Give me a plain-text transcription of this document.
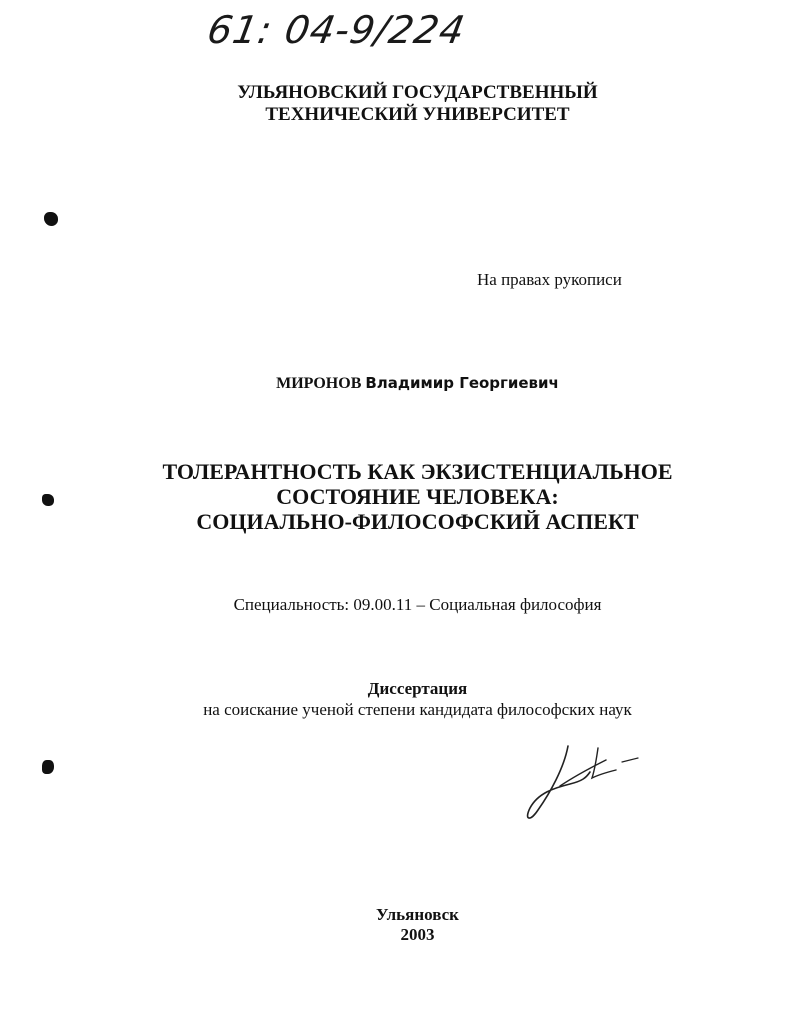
61: 04-9/224
УЛЬЯНОВСКИЙ ГОСУДАРСТВЕННЫЙ
ТЕХНИЧЕСКИЙ УНИВЕРСИТЕТ
На правах рукописи
МИРОНОВ Владимир Георгиевич
ТОЛЕРАНТНОСТЬ КАК ЭКЗИСТЕНЦИАЛЬНОЕ
СОСТОЯНИЕ ЧЕЛОВЕКА:
СОЦИАЛЬНО-ФИЛОСОФСКИЙ АСПЕКТ
Специальность: 09.00.11 – Социальная философия
Диссертация
на соискание ученой степени кандидата философских наук
Ульяновск
2003
